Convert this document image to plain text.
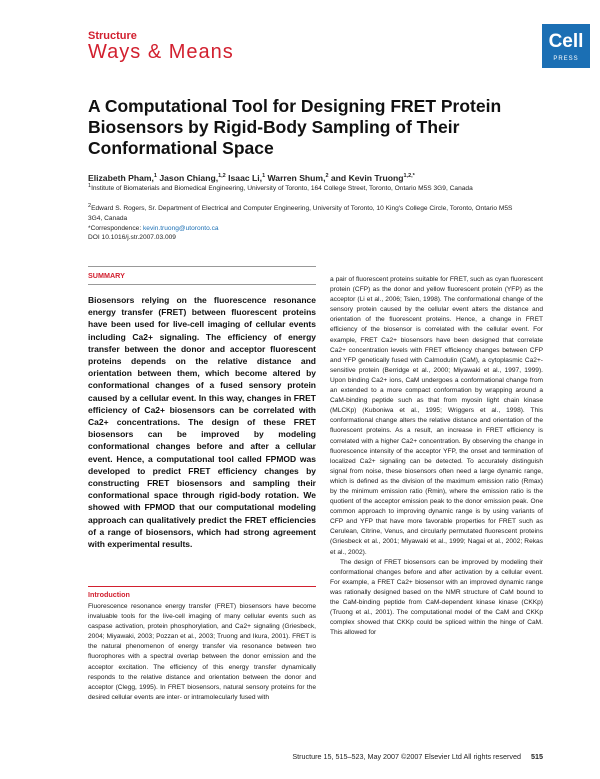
Structure
Ways & Means	Cell
PRESS
A Computational Tool for Designing FRET Protein Biosensors by Rigid-Body Sampling of Their Conformational Space
Elizabeth Pham,$^1$ Jason Chiang,$^{1,2}$ Isaac Li,$^1$ Warren Shum,$^2$ and Kevin Truong$^{1,2,*}$
$^1$Institute of Biomaterials and Biomedical Engineering, University of Toronto, 164 College Street, Toronto, Ontario M5S 3G9, Canada
$^2$Edward S. Rogers, Sr. Department of Electrical and Computer Engineering, University of Toronto, 10 King's College Circle, Toronto, Ontario M5S 3G4, Canada
*Correspondence: kevin.truong@utoronto.ca
DOI 10.1016/j.str.2007.03.009
SUMMARY
Biosensors relying on the fluorescence resonance energy transfer (FRET) between fluorescent proteins have been used for live-cell imaging of cellular events including Ca2+ signaling. The efficiency of energy transfer between the donor and acceptor fluorescent proteins depends on the relative distance and orientation between them, which become altered by conformational changes of a fused sensory protein caused by a cellular event. In this way, changes in FRET efficiency of Ca2+ biosensors can be correlated with Ca2+ concentrations. The design of these FRET biosensors can be improved by modeling conformational changes before and after a cellular event. Hence, a computational tool called FPMOD was developed to predict FRET efficiency changes by constructing FRET biosensors and sampling their conformational space through rigid-body rotation. We showed with FPMOD that our computational modeling approach can qualitatively predict the FRET efficiencies of a range of biosensors, which had strong agreement with experimental results.
Introduction
Fluorescence resonance energy transfer (FRET) biosensors have become invaluable tools for the live-cell imaging of many cellular events such as caspase activation, protein phosphorylation, and Ca2+ signaling (Griesbeck, 2004; Miyawaki, 2003; Pozzan et al., 2003; Truong and Ikura, 2001). FRET is the natural phenomenon of energy transfer via resonance between two fluorophores with a spectral overlap between the donor emission and the acceptor excitation. The efficiency of this energy transfer dynamically responds to the relative distance and orientation between the donor and acceptor (Clegg, 1995). In FRET biosensors, natural sensory proteins for the desired cellular events are inter- or intramolecularly fused with

a pair of fluorescent proteins suitable for FRET, such as cyan fluorescent protein (CFP) as the donor and yellow fluorescent protein (YFP) as the acceptor (Li et al., 2006; Tsien, 1998). The conformational change of the sensory protein caused by the cellular event alters the distance and orientation of the fluorescent proteins. Hence, a change in FRET efficiency of the biosensor is correlated with the cellular event. For example, FRET Ca2+ biosensors have been designed that correlate Ca2+ concentration levels with FRET efficiency changes between CFP and YFP genetically fused with Calmodulin (CaM), a cytoplasmic Ca2+-sensitive protein (Berridge et al., 2000; Miyawaki et al., 1997, 1999). Upon binding Ca2+ ions, CaM undergoes a conformational change from an extended to a more compact conformation by wrapping around a CaM-binding peptide such as that from myosin light chain kinase (MLCKp) (Kuboniwa et al., 1995; Wriggers et al., 1998). This conformational change alters the relative distance and orientation of the fluorescent proteins. As a result, an increase in FRET efficiency is correlated with a higher Ca2+ concentration. By observing the change in fluorescence intensity of the acceptor YFP, the onset and termination of localized Ca2+ signaling can be detected. To accurately distinguish signal from noise, these biosensors often need a large dynamic range, which is defined as the division of the maximum emission ratio (Rmax) by the minimum emission ratio (Rmin), where the emission ratio is the quotient of the acceptor emission peak to the donor emission peak. One common approach to improving dynamic range is by using variants of CFP and YFP that have more favorable properties for FRET such as Cerulean, Citrine, Venus, and circularly permutated fluorescent proteins (Griesbeck et al., 2001; Miyawaki et al., 1999; Nagai et al., 2002; Rekas et al., 2002).

The design of FRET biosensors can be improved by modeling their conformational changes before and after activation by a cellular event. For example, a FRET Ca2+ biosensor with an improved dynamic range was rationally designed based on the NMR structure of CaM bound to the CaM-binding peptide from CaM-dependent kinase kinase (CKKp) (Truong et al., 2001). The computational model of the CaM and CKKp complex showed that CKKp could be spliced within the hinge of CaM. This allowed for

Structure 15, 515–523, May 2007 ©2007 Elsevier Ltd All rights reserved 515
